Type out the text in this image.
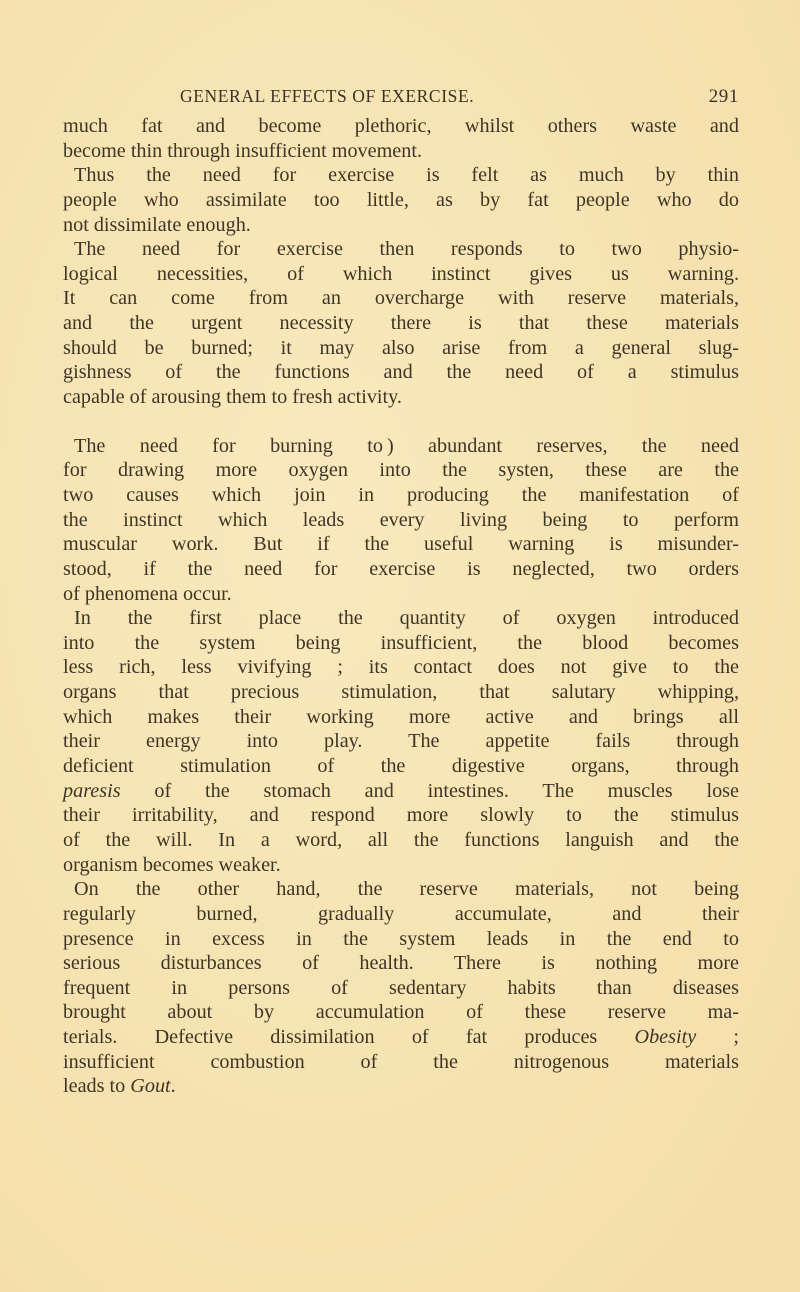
GENERAL EFFECTS OF EXERCISE.	291
much fat and become plethoric, whilst others waste and
become thin through insufficient movement.
Thus the need for exercise is felt as much by thin
people who assimilate too little, as by fat people who do
not dissimilate enough.
The need for exercise then responds to two physio-
logical necessities, of which instinct gives us warning.
It can come from an overcharge with reserve materials,
and the urgent necessity there is that these materials
should be burned; it may also arise from a general slug-
gishness of the functions and the need of a stimulus
capable of arousing them to fresh activity.
The need for burning to ) abundant reserves, the need
for drawing more oxygen into the systen, these are the
two causes which join in producing the manifestation of
the instinct which leads every living being to perform
muscular work. But if the useful warning is misunder-
stood, if the need for exercise is neglected, two orders
of phenomena occur.
In the first place the quantity of oxygen introduced
into the system being insufficient, the blood becomes
less rich, less vivifying ; its contact does not give to the
organs that precious stimulation, that salutary whipping,
which makes their working more active and brings all
their energy into play. The appetite fails through
deficient stimulation of the digestive organs, through
paresis of the stomach and intestines. The muscles lose
their irritability, and respond more slowly to the stimulus
of the will. In a word, all the functions languish and the
organism becomes weaker.
On the other hand, the reserve materials, not being
regularly burned, gradually accumulate, and their
presence in excess in the system leads in the end to
serious disturbances of health. There is nothing more
frequent in persons of sedentary habits than diseases
brought about by accumulation of these reserve ma-
terials. Defective dissimilation of fat produces Obesity ;
insufficient combustion of the nitrogenous materials
leads to Gout.
